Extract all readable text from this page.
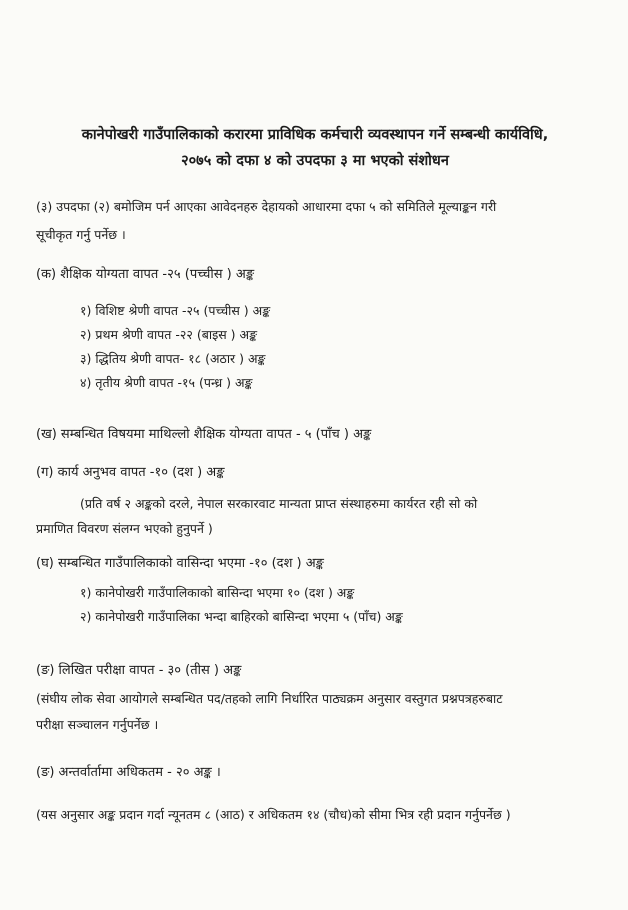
कानेपोखरी गाउँपालिकाको करारमा प्राविधिक कर्मचारी व्यवस्थापन गर्ने सम्बन्धी कार्यविधि,
२०७५ को दफा ४ को उपदफा ३ मा भएको संशोधन
(३) उपदफा (२) बमोजिम पर्न आएका आवेदनहरु देहायको आधारमा दफा ५ को समितिले मूल्याङ्कन गरी
सूचीकृत गर्नु पर्नेछ ।
(क) शैक्षिक योग्यता वापत -२५ (पच्चीस ) अङ्क
१) विशिष्ट श्रेणी वापत -२५ (पच्चीस ) अङ्क
२) प्रथम श्रेणी वापत -२२ (बाइस ) अङ्क
३) द्धितिय श्रेणी वापत- १८ (अठार ) अङ्क
४) तृतीय श्रेणी वापत -१५ (पन्ध्र ) अङ्क
(ख) सम्बन्धित विषयमा माथिल्लो शैक्षिक योग्यता वापत - ५ (पाँच ) अङ्क
(ग) कार्य अनुभव वापत -१० (दश ) अङ्क
(प्रति वर्ष २ अङ्कको दरले, नेपाल सरकारवाट मान्यता प्राप्त संस्थाहरुमा कार्यरत रही सो को
प्रमाणित विवरण संलग्न भएको हुनुपर्ने )
(घ) सम्बन्धित गाउँपालिकाको वासिन्दा भएमा -१० (दश ) अङ्क
१) कानेपोखरी गाउँपालिकाको बासिन्दा भएमा १० (दश ) अङ्क
२) कानेपोखरी गाउँपालिका भन्दा बाहिरको बासिन्दा भएमा ५ (पाँच) अङ्क
(ङ) लिखित परीक्षा वापत - ३० (तीस ) अङ्क
(संघीय लोक सेवा आयोगले सम्बन्धित पद/तहको लागि निर्धारित पाठ्यक्रम अनुसार वस्तुगत प्रश्नपत्रहरुबाट
परीक्षा सञ्चालन गर्नुपर्नेछ ।
(ङ) अन्तर्वार्तामा अधिकतम - २० अङ्क ।
(यस अनुसार अङ्क प्रदान गर्दा न्यूनतम ८ (आठ) र अधिकतम १४ (चौध)को सीमा भित्र रही प्रदान गर्नुपर्नेछ )
